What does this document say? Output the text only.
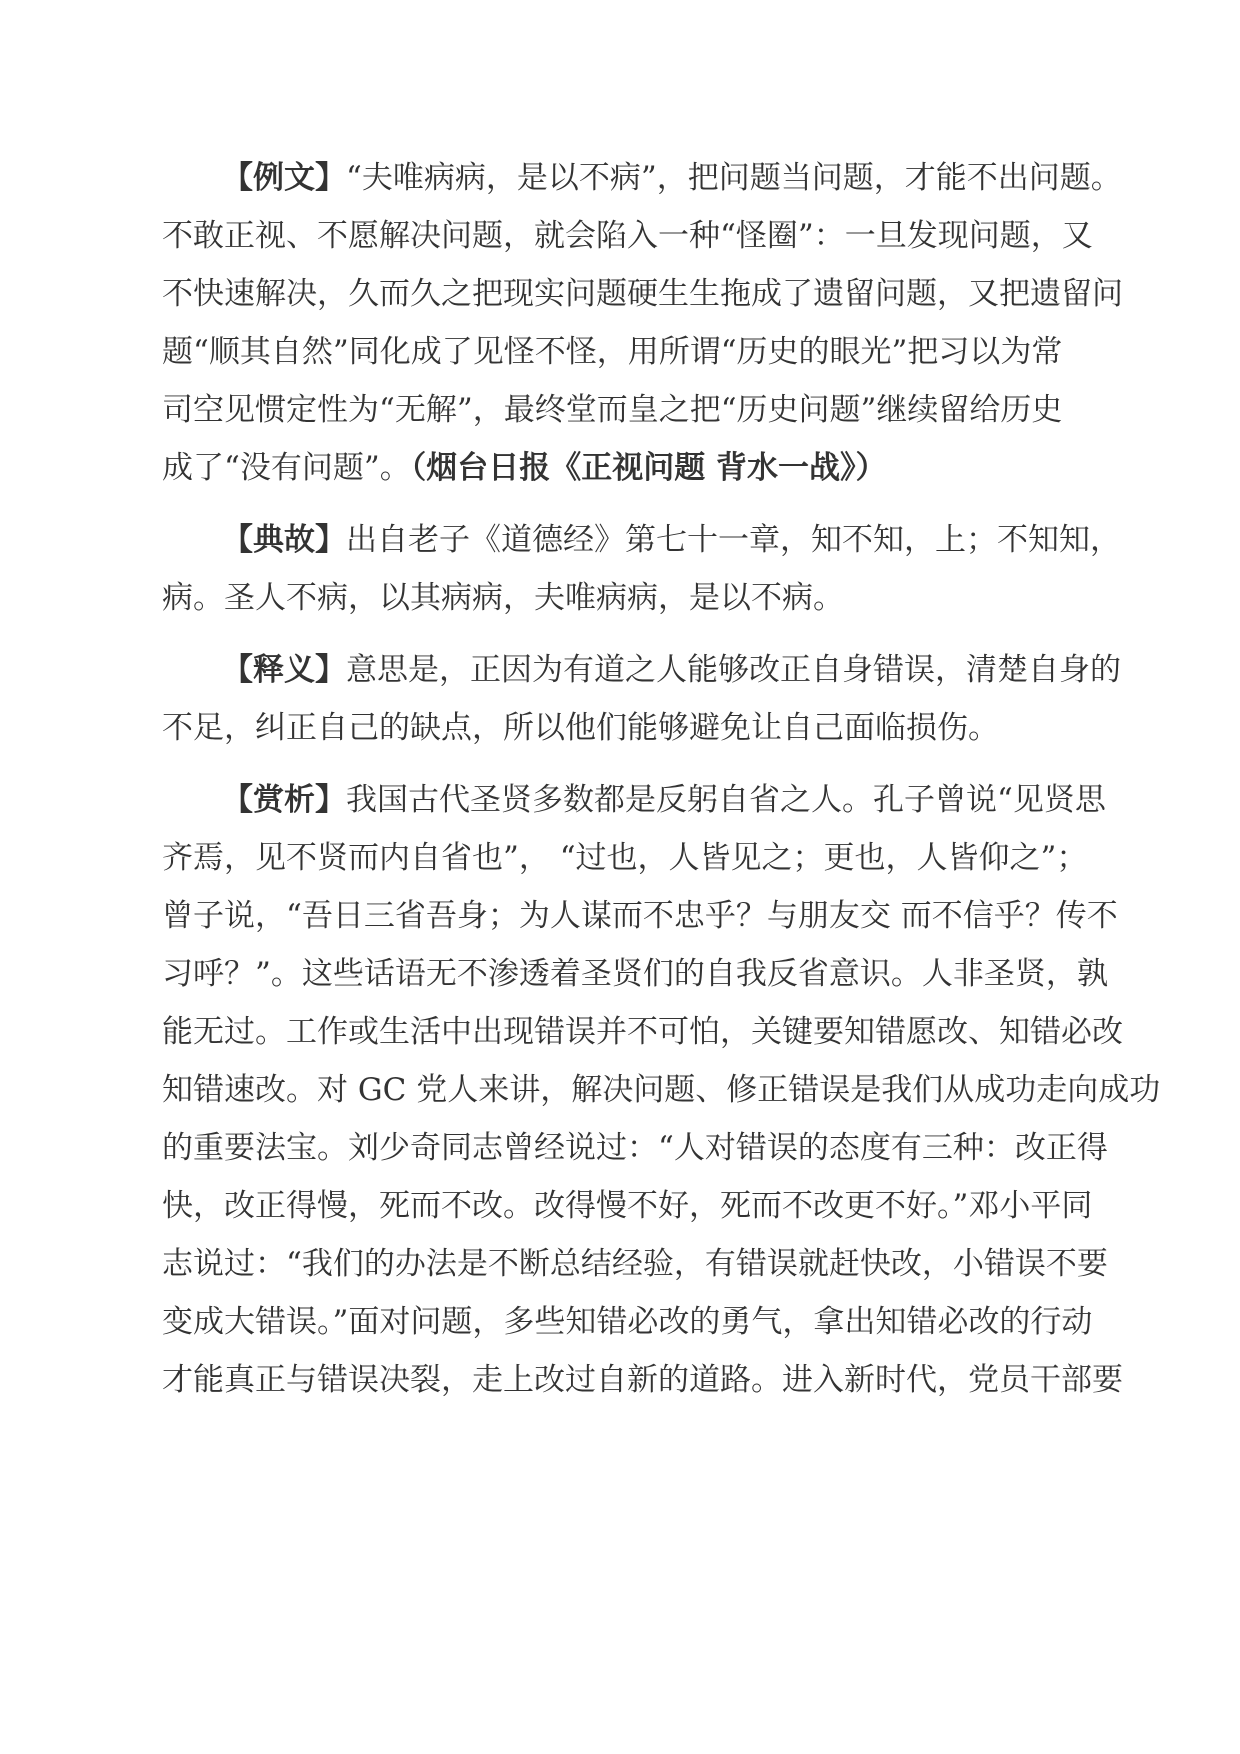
【例文】“夫唯病病，是以不病”，把问题当问题，才能不出问题。
不敢正视、不愿解决问题，就会陷入一种“怪圈”：一旦发现问题，又
不快速解决，久而久之把现实问题硬生生拖成了遗留问题，又把遗留问
题“顺其自然”同化成了见怪不怪，用所谓“历史的眼光”把习以为常
司空见惯定性为“无解”，最终堂而皇之把“历史问题”继续留给历史
成了“没有问题”。（烟台日报《正视问题 背水一战》）
【典故】出自老子《道德经》第七十一章，知不知，上；不知知，
病。圣人不病，以其病病，夫唯病病，是以不病。
【释义】意思是，正因为有道之人能够改正自身错误，清楚自身的
不足，纠正自己的缺点，所以他们能够避免让自己面临损伤。
【赏析】我国古代圣贤多数都是反躬自省之人。孔子曾说“见贤思
齐焉，见不贤而内自省也”， “过也，人皆见之；更也，人皆仰之”；
曾子说，“吾日三省吾身；为人谋而不忠乎？与朋友交 而不信乎？传不
习呼？”。这些话语无不渗透着圣贤们的自我反省意识。人非圣贤，孰
能无过。工作或生活中出现错误并不可怕，关键要知错愿改、知错必改
知错速改。对 GC 党人来讲，解决问题、修正错误是我们从成功走向成功
的重要法宝。刘少奇同志曾经说过：“人对错误的态度有三种：改正得
快，改正得慢，死而不改。改得慢不好，死而不改更不好。”邓小平同
志说过：“我们的办法是不断总结经验，有错误就赶快改，小错误不要
变成大错误。”面对问题，多些知错必改的勇气，拿出知错必改的行动
才能真正与错误决裂，走上改过自新的道路。进入新时代，党员干部要
